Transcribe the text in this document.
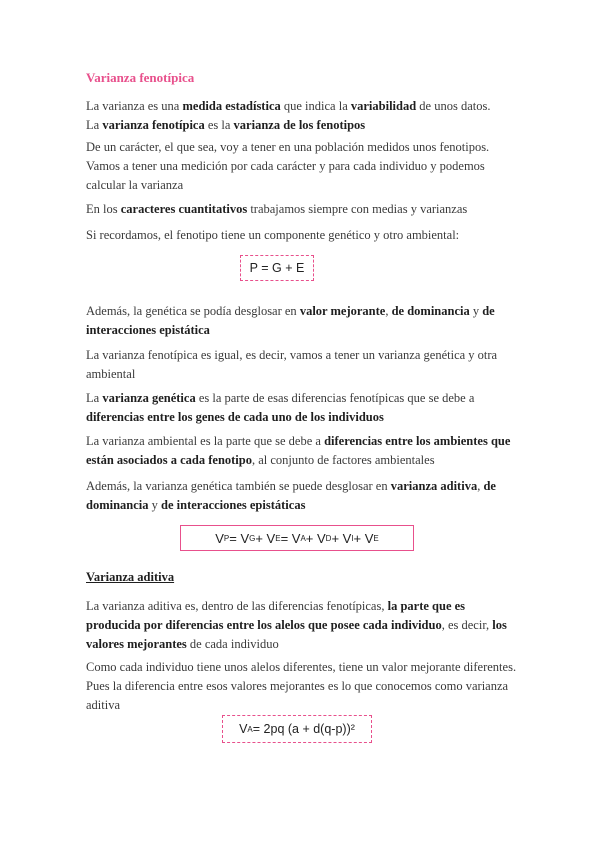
Varianza fenotípica

La varianza es una medida estadística que indica la variabilidad de unos datos.
La varianza fenotípica es la varianza de los fenotipos

De un carácter, el que sea, voy a tener en una población medidos unos fenotipos. Vamos a tener una medición por cada carácter y para cada individuo y podemos calcular la varianza

En los caracteres cuantitativos trabajamos siempre con medias y varianzas

Si recordamos, el fenotipo tiene un componente genético y otro ambiental:

P = G + E

Además, la genética se podía desglosar en valor mejorante, de dominancia y de interacciones epistática

La varianza fenotípica es igual, es decir, vamos a tener un varianza genética y otra ambiental

La varianza genética es la parte de esas diferencias fenotípicas que se debe a diferencias entre los genes de cada uno de los individuos

La varianza ambiental es la parte que se debe a diferencias entre los ambientes que están asociados a cada fenotipo, al conjunto de factores ambientales

Además, la varianza genética también se puede desglosar en varianza aditiva, de dominancia y de interacciones epistáticas

V P = V G + V E = V A + V D + V I + V E
Varianza aditiva

La varianza aditiva es, dentro de las diferencias fenotípicas, la parte que es producida por diferencias entre los alelos que posee cada individuo, es decir, los valores mejorantes de cada individuo

Como cada individuo tiene unos alelos diferentes, tiene un valor mejorante diferentes. Pues la diferencia entre esos valores mejorantes es lo que conocemos como varianza aditiva

V A = 2pq (a + d(q-p))²
